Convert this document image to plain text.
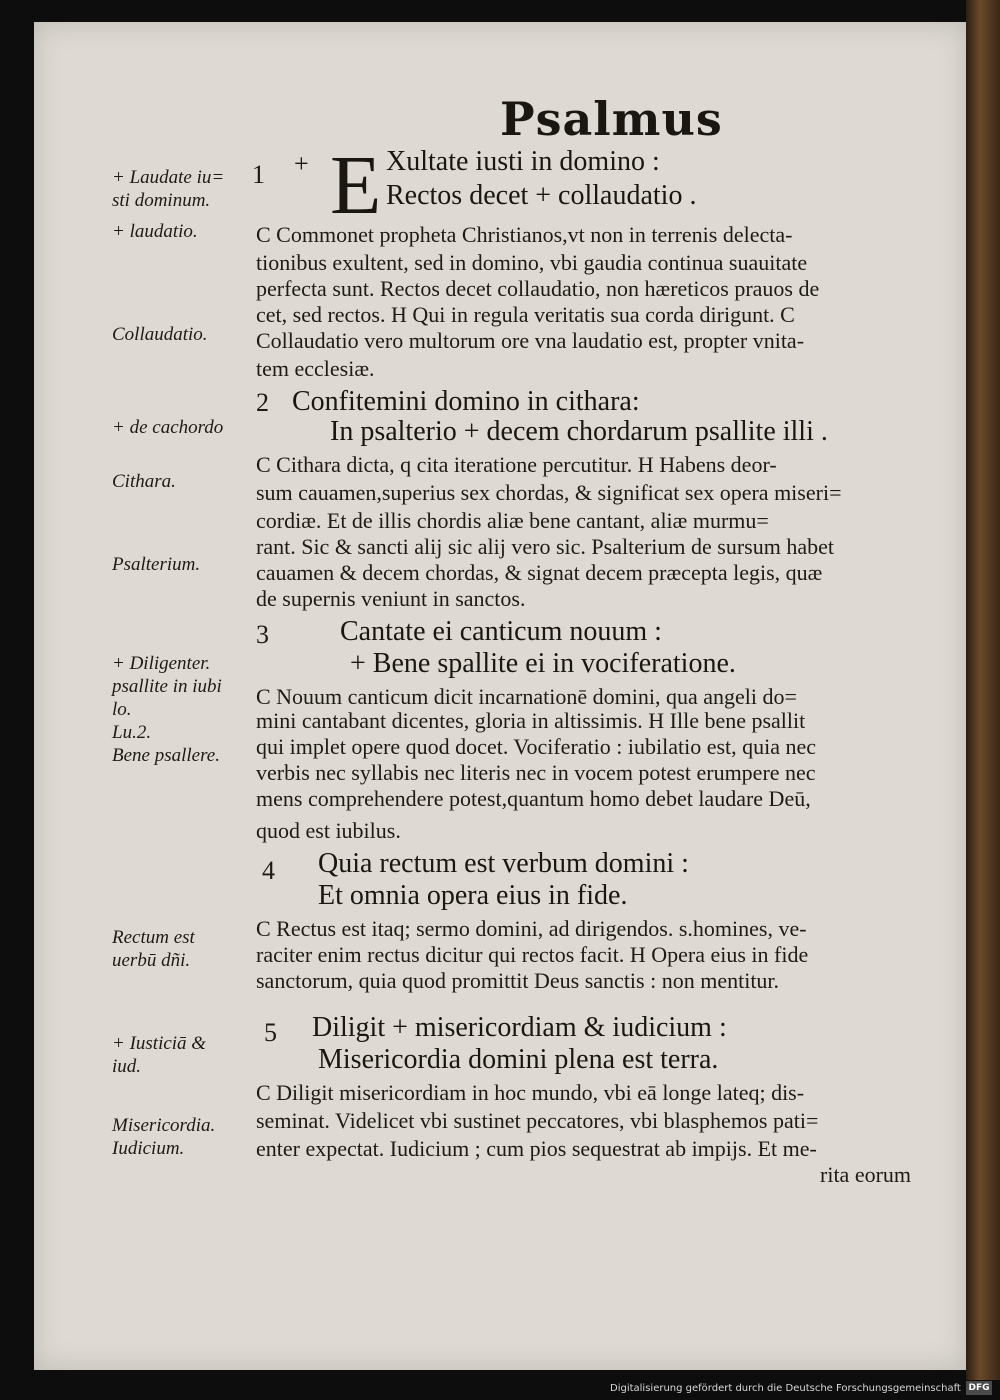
Psalmus
+ Laudate iu=
sti dominum.
+ laudatio.
Collaudatio.
+ de cachordo
Cithara.
Psalterium.
+ Diligenter.
psallite in iubi
lo.
Lu.2.
Bene psallere.
Rectum est
uerbū dñi.
+ Iusticiā &
iud.
Misericordia.
Iudicium.
1
2
3
4
5
E
+	Xultate iusti in domino :
Rectos decet + collaudatio .
Confitemini domino in cithara:
In psalterio + decem chordarum psallite illi .
Cantate ei canticum nouum :
+ Bene spallite ei in vociferatione.
Quia rectum est verbum domini :
Et omnia opera eius in fide.
Diligit + misericordiam & iudicium :
Misericordia domini plena est terra.
C Commonet propheta Christianos,vt non in terrenis delecta-
tionibus exultent, sed in domino, vbi gaudia continua suauitate
perfecta sunt. Rectos decet collaudatio, non hæreticos prauos de
cet, sed rectos. H Qui in regula veritatis sua corda dirigunt. C
Collaudatio vero multorum ore vna laudatio est, propter vnita-
tem ecclesiæ.
C Cithara dicta, q cita iteratione percutitur. H Habens deor-
sum cauamen,superius sex chordas, & significat sex opera miseri=
cordiæ. Et de illis chordis aliæ bene cantant, aliæ murmu=
rant. Sic & sancti alij sic alij vero sic. Psalterium de sursum habet
cauamen & decem chordas, & signat decem præcepta legis, quæ
de supernis veniunt in sanctos.
C Nouum canticum dicit incarnationē domini, qua angeli do=
mini cantabant dicentes, gloria in altissimis. H Ille bene psallit
qui implet opere quod docet. Vociferatio : iubilatio est, quia nec
verbis nec syllabis nec literis nec in vocem potest erumpere nec
mens comprehendere potest,quantum homo debet laudare Deū,
quod est iubilus.
C Rectus est itaq; sermo domini, ad dirigendos. s.homines, ve-
raciter enim rectus dicitur qui rectos facit. H Opera eius in fide
sanctorum, quia quod promittit Deus sanctis : non mentitur.
C Diligit misericordiam in hoc mundo, vbi eā longe lateq; dis-
seminat. Videlicet vbi sustinet peccatores, vbi blasphemos pati=
enter expectat. Iudicium ; cum pios sequestrat ab impijs. Et me-
rita eorum
Digitalisierung gefördert durch die Deutsche Forschungsgemeinschaft DFG
